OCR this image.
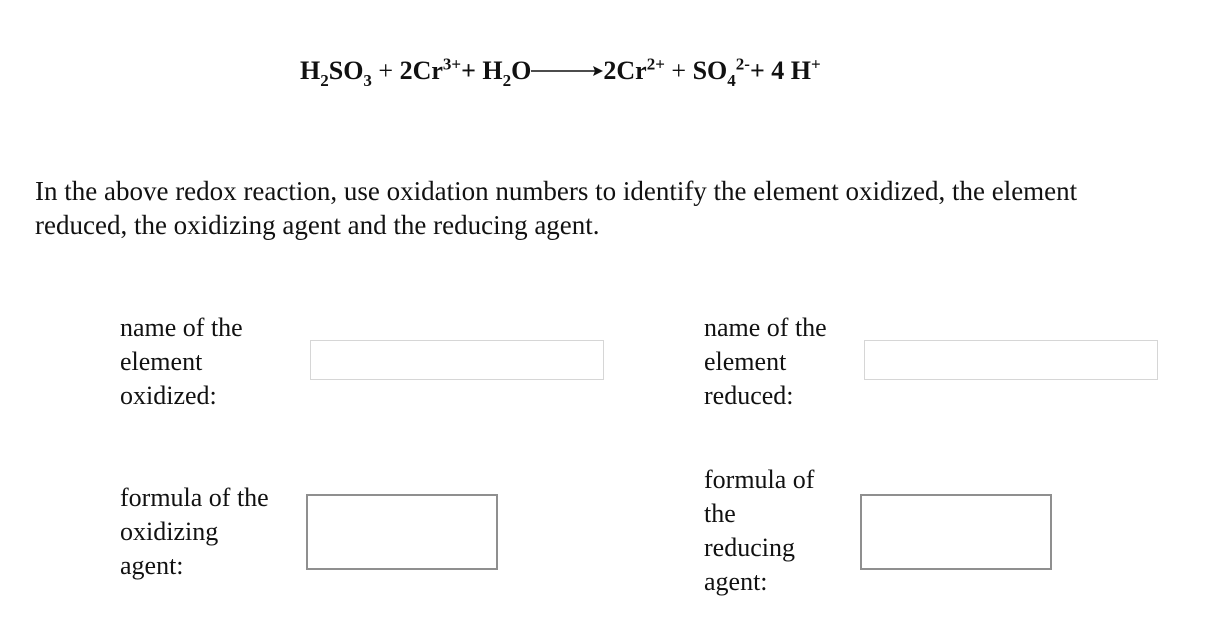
$H_2SO_3 + 2Cr^{3+}+ H_2O\to 2Cr^{2+} + SO_4^{2-}+ 4$ H+
In the above redox reaction, use oxidation numbers to identify the element oxidized, the element reduced, the oxidizing agent and the reducing agent.
name of the
element
oxidized:
name of the
element
reduced:
formula of the
oxidizing
agent:
formula of
the
reducing
agent:
